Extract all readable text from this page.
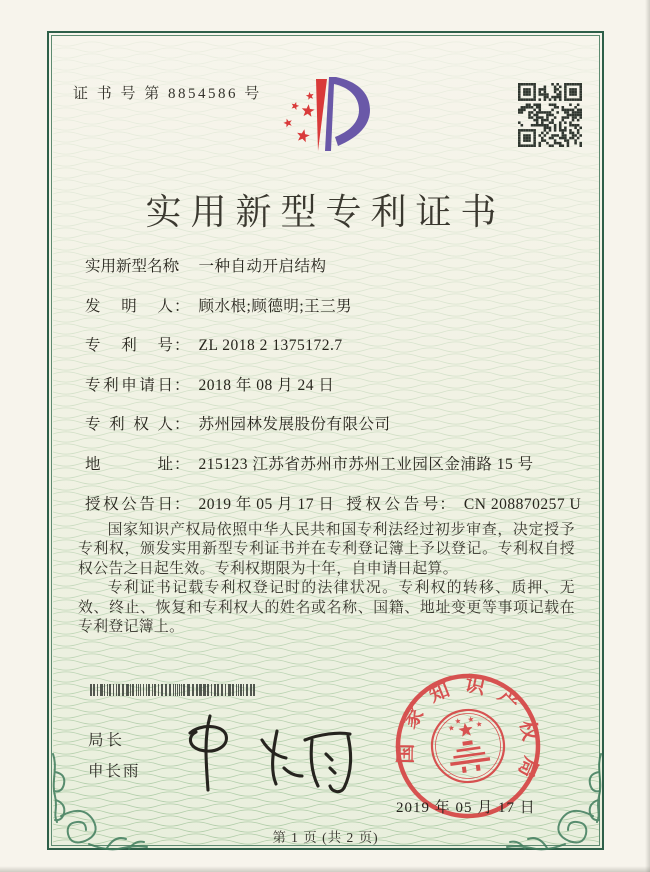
证 书 号 第 8854586 号
实用新型专利证书
实用新型名称： 一种自动开启结构
发明人： 顾水根;顾德明;王三男
专利号： ZL 2018 2 1375172.7
专利申请日： 2018 年 08 月 24 日
专利权人： 苏州园林发展股份有限公司
地址： 215123 江苏省苏州市苏州工业园区金浦路 15 号
授权公告日： 2019 年 05 月 17 日 授权公告号： CN 208870257 U

国家知识产权局依照中华人民共和国专利法经过初步审查，决定授予专利权，颁发实用新型专利证书并在专利登记簿上予以登记。专利权自授权公告之日起生效。专利权期限为十年，自申请日起算。

专利证书记载专利权登记时的法律状况。专利权的转移、质押、无效、终止、恢复和专利权人的姓名或名称、国籍、地址变更等事项记载在专利登记簿上。

局长
申长雨
国家知识产权局
2019 年 05 月 17 日
第 1 页 (共 2 页)
